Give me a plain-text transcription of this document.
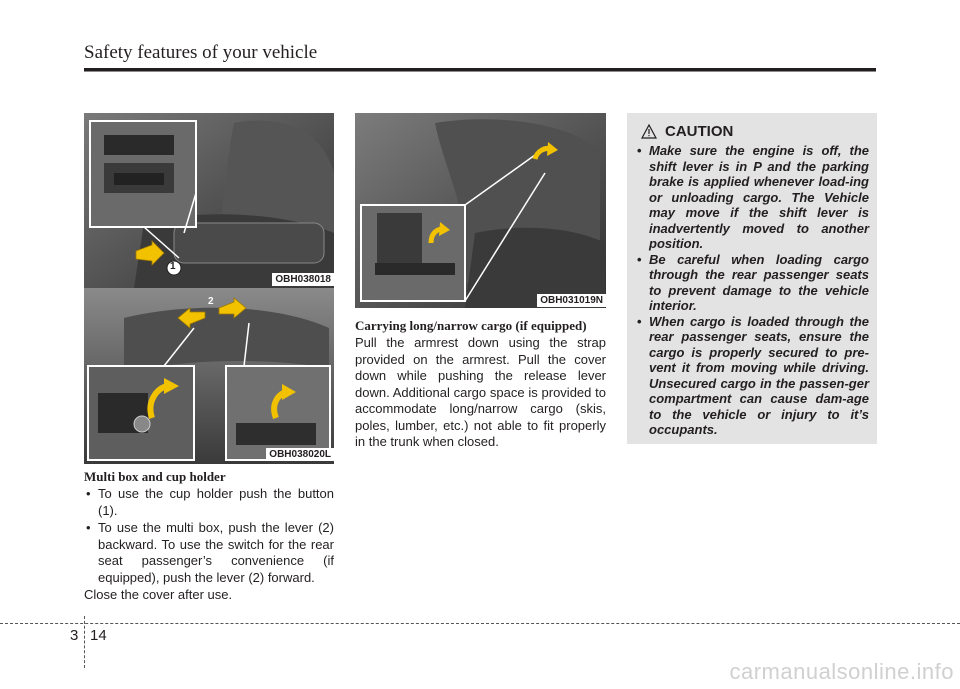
Safety features of your vehicle
1
OBH038018
2
OBH038020L
OBH031019N
Multi box and cup holder
• To use the cup holder push the button (1).
• To use the multi box, push the lever (2) backward. To use the switch for the rear seat passenger’s convenience (if equipped), push the lever (2) forward.
Close the cover after use.
Carrying long/narrow cargo (if equipped)
Pull the armrest down using the strap provided on the armrest. Pull the cover down while pushing the release lever down. Additional cargo space is provided to accommodate long/narrow cargo (skis, poles, lumber, etc.) not able to fit properly in the trunk when closed.
CAUTION
• Make sure the engine is off, the shift lever is in P and the parking brake is applied whenever load-ing or unloading cargo. The Vehicle may move if the shift lever is inadvertently moved to another position.
• Be careful when loading cargo through the rear passenger seats to prevent damage to the vehicle interior.
• When cargo is loaded through the rear passenger seats, ensure the cargo is properly secured to pre-vent it from moving while driving. Unsecured cargo in the passen-ger compartment can cause dam-age to the vehicle or injury to it’s occupants.
3 14
carmanualsonline.info
